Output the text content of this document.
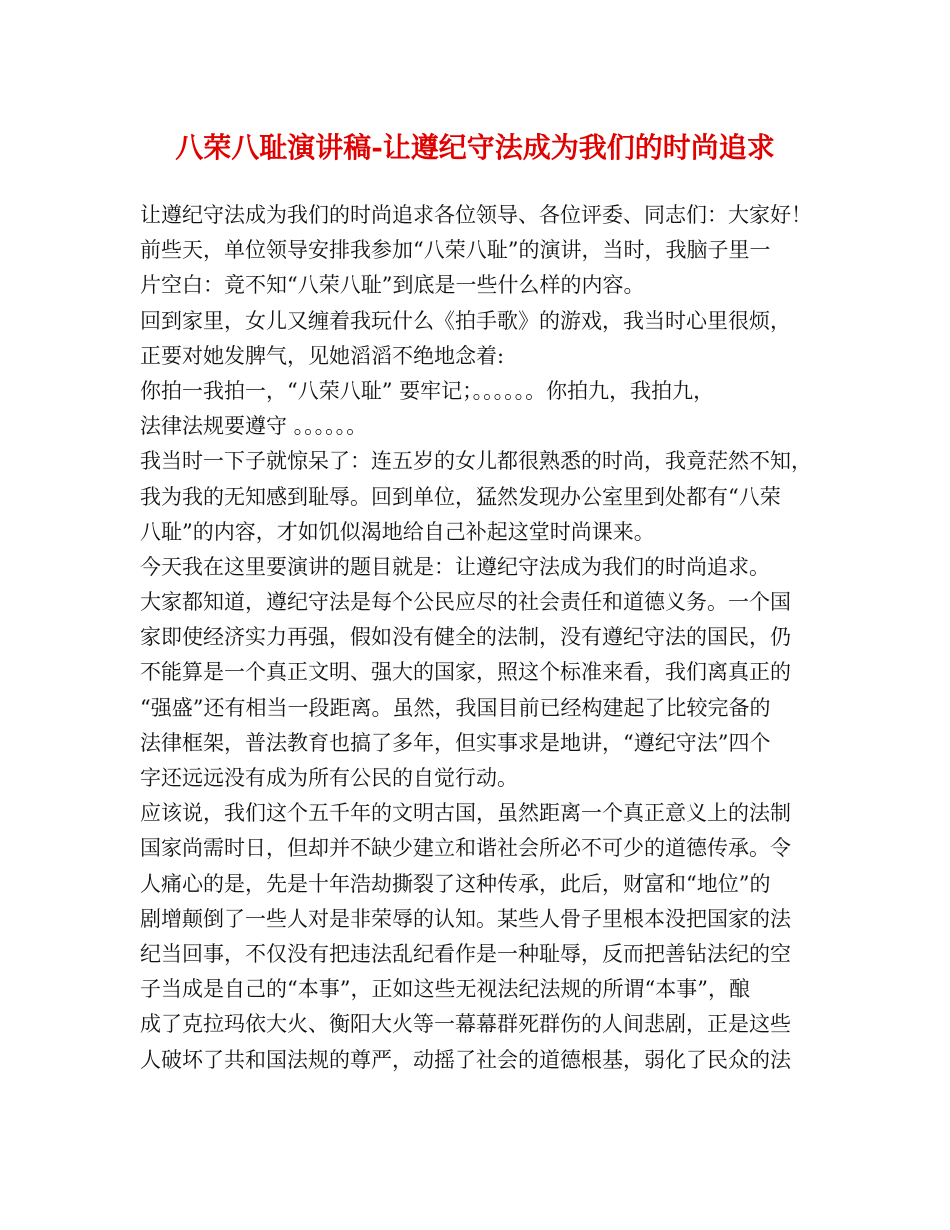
八荣八耻演讲稿-让遵纪守法成为我们的时尚追求
让遵纪守法成为我们的时尚追求各位领导、各位评委、同志们：大家好！
前些天，单位领导安排我参加“八荣八耻”的演讲，当时，我脑子里一
片空白：竟不知“八荣八耻”到底是一些什么样的内容。
回到家里，女儿又缠着我玩什么《拍手歌》的游戏，我当时心里很烦，
正要对她发脾气，见她滔滔不绝地念着:
你拍一我拍一，“八荣八耻” 要牢记；。。。。。。你拍九，我拍九，
法律法规要遵守 。。。。。。
我当时一下子就惊呆了：连五岁的女儿都很熟悉的时尚，我竟茫然不知，
我为我的无知感到耻辱。回到单位，猛然发现办公室里到处都有“八荣
八耻”的内容，才如饥似渴地给自己补起这堂时尚课来。
今天我在这里要演讲的题目就是：让遵纪守法成为我们的时尚追求。
大家都知道，遵纪守法是每个公民应尽的社会责任和道德义务。一个国
家即使经济实力再强，假如没有健全的法制，没有遵纪守法的国民，仍
不能算是一个真正文明、强大的国家，照这个标准来看，我们离真正的
“强盛”还有相当一段距离。虽然，我国目前已经构建起了比较完备的
法律框架，普法教育也搞了多年，但实事求是地讲，“遵纪守法”四个
字还远远没有成为所有公民的自觉行动。
应该说，我们这个五千年的文明古国，虽然距离一个真正意义上的法制
国家尚需时日，但却并不缺少建立和谐社会所必不可少的道德传承。令
人痛心的是，先是十年浩劫撕裂了这种传承，此后，财富和“地位”的
剧增颠倒了一些人对是非荣辱的认知。某些人骨子里根本没把国家的法
纪当回事，不仅没有把违法乱纪看作是一种耻辱，反而把善钻法纪的空
子当成是自己的“本事”，正如这些无视法纪法规的所谓“本事”，酿
成了克拉玛依大火、衡阳大火等一幕幕群死群伤的人间悲剧，正是这些
人破坏了共和国法规的尊严，动摇了社会的道德根基，弱化了民众的法
